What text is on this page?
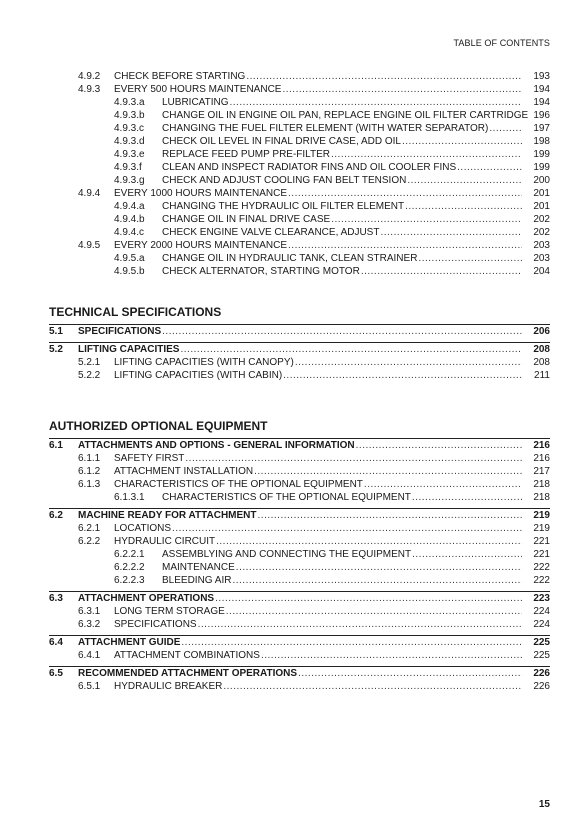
TABLE OF CONTENTS
4.9.2 CHECK BEFORE STARTING .....	193
4.9.3 EVERY 500 HOURS MAINTENANCE .....	194
4.9.3.a LUBRICATING .....	194
4.9.3.b CHANGE OIL IN ENGINE OIL PAN, REPLACE ENGINE OIL FILTER CARTRIDGE 196
4.9.3.c CHANGING THE FUEL FILTER ELEMENT (WITH WATER SEPARATOR) .....	197
4.9.3.d CHECK OIL LEVEL IN FINAL DRIVE CASE, ADD OIL .....	198
4.9.3.e REPLACE FEED PUMP PRE-FILTER .....	199
4.9.3.f CLEAN AND INSPECT RADIATOR FINS AND OIL COOLER FINS .....	199
4.9.3.g CHECK AND ADJUST COOLING FAN BELT TENSION .....	200
4.9.4 EVERY 1000 HOURS MAINTENANCE .....	201
4.9.4.a CHANGING THE HYDRAULIC OIL FILTER ELEMENT .....	201
4.9.4.b CHANGE OIL IN FINAL DRIVE CASE .....	202
4.9.4.c CHECK ENGINE VALVE CLEARANCE, ADJUST .....	202
4.9.5 EVERY 2000 HOURS MAINTENANCE .....	203
4.9.5.a CHANGE OIL IN HYDRAULIC TANK, CLEAN STRAINER .....	203
4.9.5.b CHECK ALTERNATOR, STARTING MOTOR .....	204
TECHNICAL SPECIFICATIONS
5.1 SPECIFICATIONS .....	206
5.2 LIFTING CAPACITIES .....	208
5.2.1 LIFTING CAPACITIES (WITH CANOPY) .....	208
5.2.2 LIFTING CAPACITIES (WITH CABIN) .....	211
AUTHORIZED OPTIONAL EQUIPMENT
6.1 ATTACHMENTS AND OPTIONS - GENERAL INFORMATION .....	216
6.1.1 SAFETY FIRST .....	216
6.1.2 ATTACHMENT INSTALLATION .....	217
6.1.3 CHARACTERISTICS OF THE OPTIONAL EQUIPMENT .....	218
6.1.3.1 CHARACTERISTICS OF THE OPTIONAL EQUIPMENT .....	218
6.2 MACHINE READY FOR ATTACHMENT .....	219
6.2.1 LOCATIONS .....	219
6.2.2 HYDRAULIC CIRCUIT .....	221
6.2.2.1 ASSEMBLYING AND CONNECTING THE EQUIPMENT .....	221
6.2.2.2 MAINTENANCE .....	222
6.2.2.3 BLEEDING AIR .....	222
6.3 ATTACHMENT OPERATIONS .....	223
6.3.1 LONG TERM STORAGE .....	224
6.3.2 SPECIFICATIONS .....	224
6.4 ATTACHMENT GUIDE .....	225
6.4.1 ATTACHMENT COMBINATIONS .....	225
6.5 RECOMMENDED ATTACHMENT OPERATIONS .....	226
6.5.1 HYDRAULIC BREAKER .....	226
15
